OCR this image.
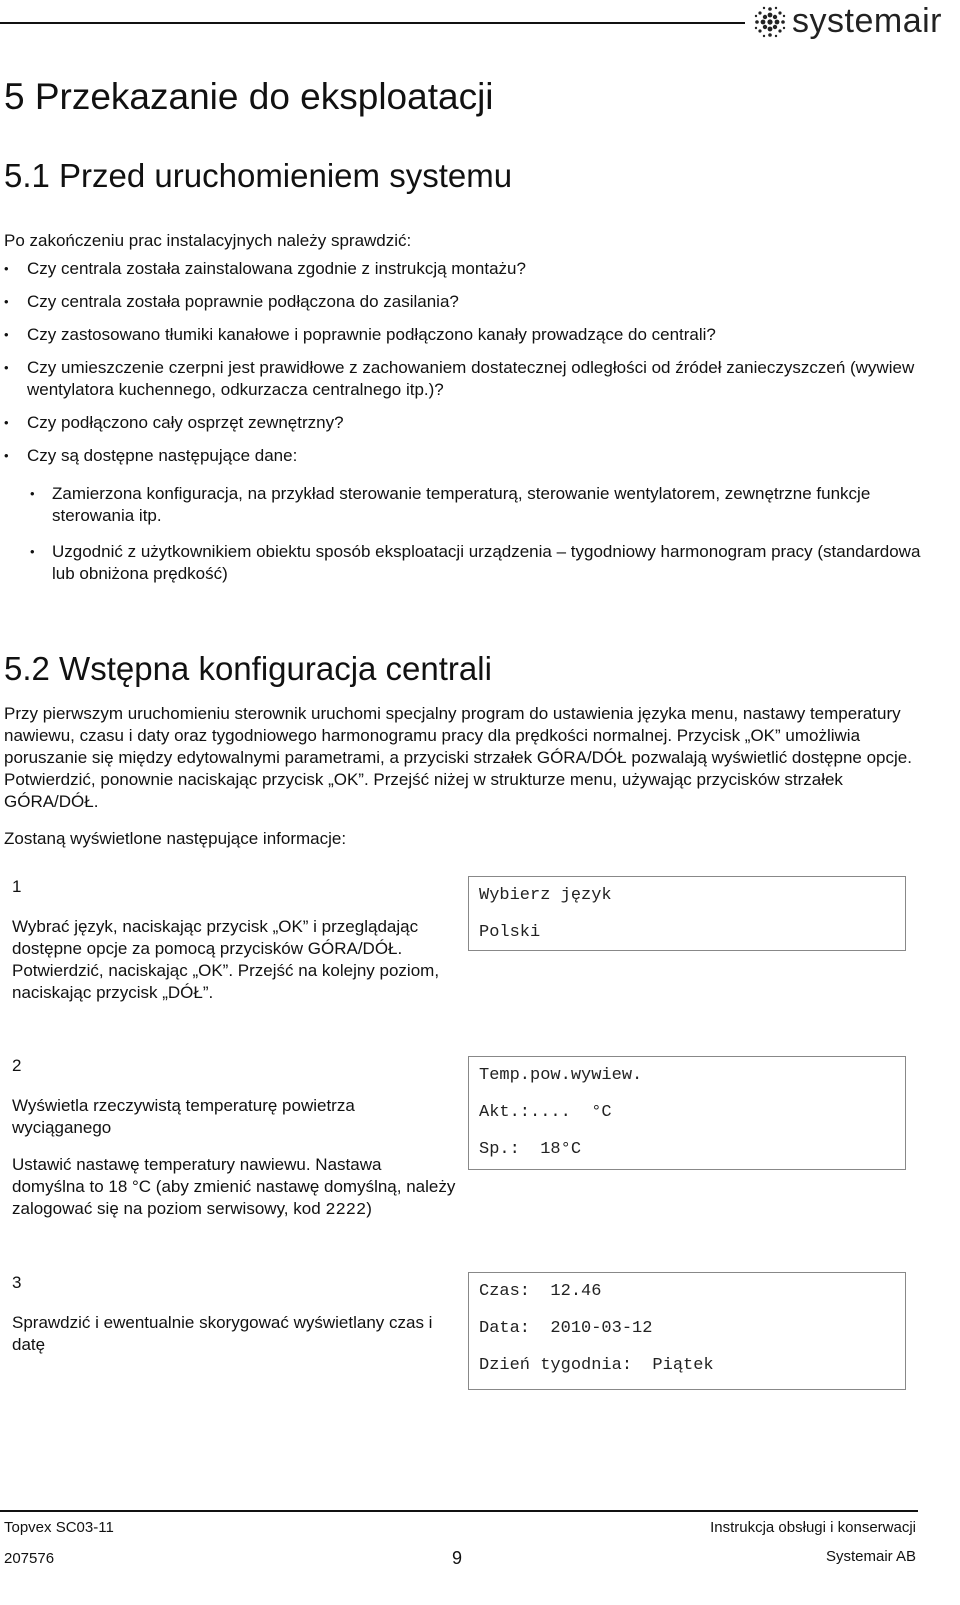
systemair
5 Przekazanie do eksploatacji
5.1 Przed uruchomieniem systemu
Po zakończeniu prac instalacyjnych należy sprawdzić:
• Czy centrala została zainstalowana zgodnie z instrukcją montażu?
• Czy centrala została poprawnie podłączona do zasilania?
• Czy zastosowano tłumiki kanałowe i poprawnie podłączono kanały prowadzące do centrali?
• Czy umieszczenie czerpni jest prawidłowe z zachowaniem dostatecznej odległości od źródeł zanieczyszczeń (wywiew wentylatora kuchennego, odkurzacza centralnego itp.)?
• Czy podłączono cały osprzęt zewnętrzny?
• Czy są dostępne następujące dane:
• Zamierzona konfiguracja, na przykład sterowanie temperaturą, sterowanie wentylatorem, zewnętrzne funkcje sterowania itp.
• Uzgodnić z użytkownikiem obiektu sposób eksploatacji urządzenia – tygodniowy harmonogram pracy (standardowa lub obniżona prędkość)
5.2 Wstępna konfiguracja centrali
Przy pierwszym uruchomieniu sterownik uruchomi specjalny program do ustawienia języka menu, nastawy temperatury nawiewu, czasu i daty oraz tygodniowego harmonogramu pracy dla prędkości normalnej. Przycisk „OK” umożliwia poruszanie się między edytowalnymi parametrami, a przyciski strzałek GÓRA/DÓŁ pozwalają wyświetlić dostępne opcje. Potwierdzić, ponownie naciskając przycisk „OK”. Przejść niżej w strukturze menu, używając przycisków strzałek GÓRA/DÓŁ.
Zostaną wyświetlone następujące informacje:
1
Wybrać język, naciskając przycisk „OK” i przeglądając dostępne opcje za pomocą przycisków GÓRA/DÓŁ. Potwierdzić, naciskając „OK”. Przejść na kolejny poziom, naciskając przycisk „DÓŁ”.
Wybierz język
Polski
2
Wyświetla rzeczywistą temperaturę powietrza wyciąganego
Ustawić nastawę temperatury nawiewu. Nastawa domyślna to 18 °C (aby zmienić nastawę domyślną, należy zalogować się na poziom serwisowy, kod 2222)
Temp.pow.wywiew.
Akt.:....  °C
Sp.:  18°C
3
Sprawdzić i ewentualnie skorygować wyświetlany czas i datę
Czas:  12.46
Data:  2010-03-12
Dzień tygodnia:  Piątek
Topvex SC03-11
207576	9
Instrukcja obsługi i konserwacji
Systemair AB
